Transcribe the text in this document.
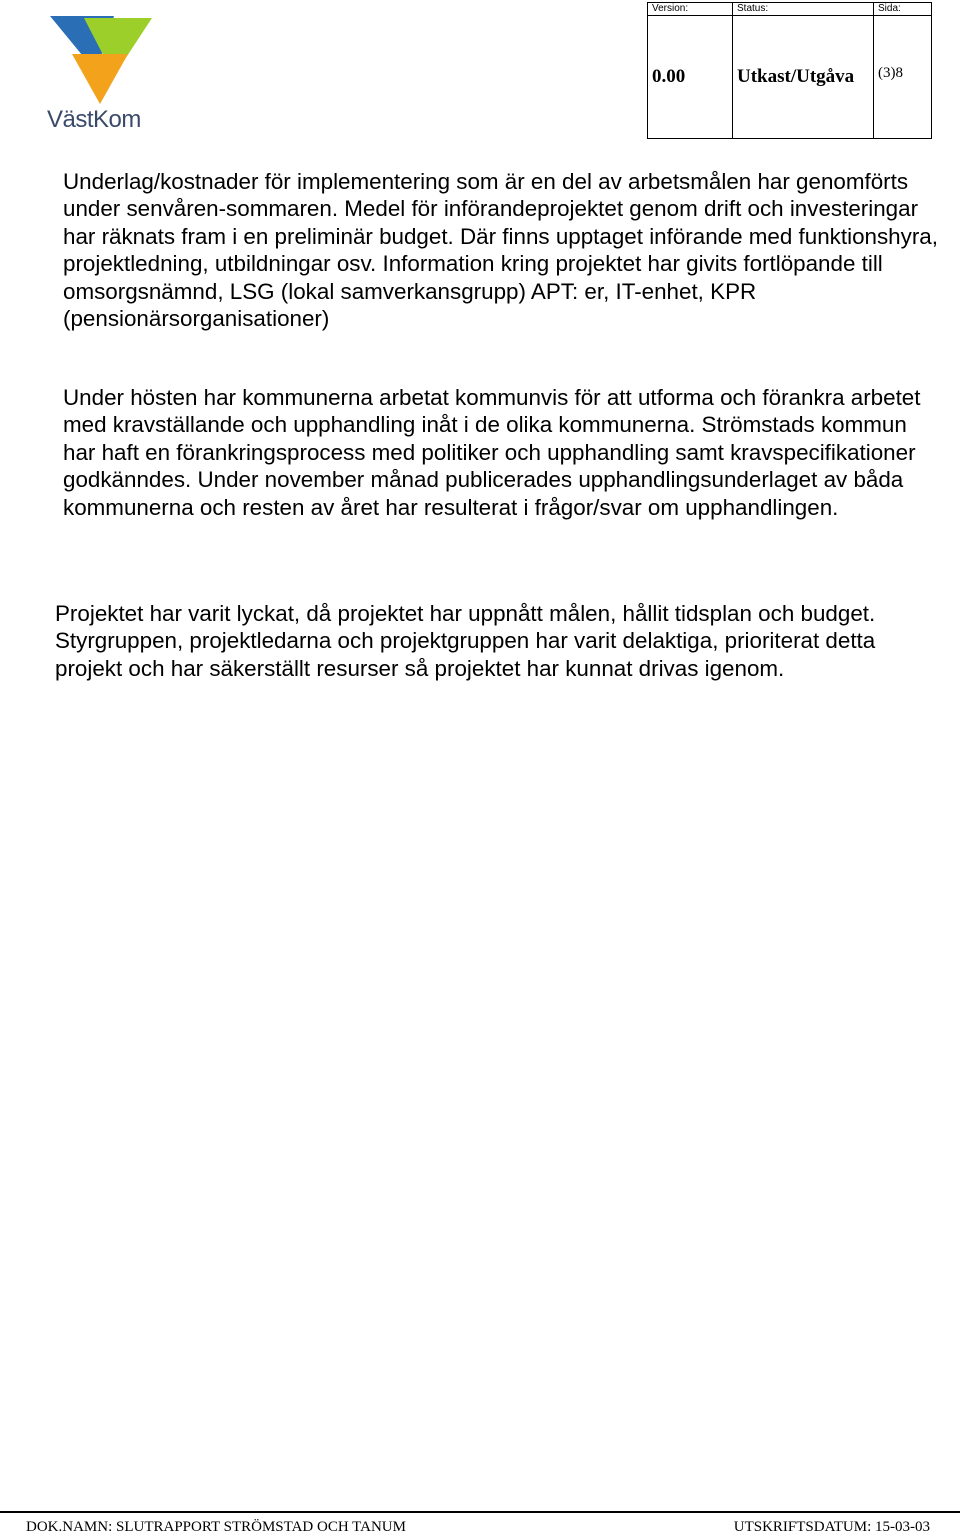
VästKom
Version:	Status:	Sida:
0.00	Utkast/Utgåva	(3)8

Underlag/kostnader för implementering som är en del av arbetsmålen har genomförts under senvåren-sommaren. Medel för införandeprojektet genom drift och investeringar har räknats fram i en preliminär budget. Där finns upptaget införande med funktionshyra, projektledning, utbildningar osv. Information kring projektet har givits fortlöpande till omsorgsnämnd, LSG (lokal samverkansgrupp) APT: er, IT-enhet, KPR (pensionärsorganisationer)

Under hösten har kommunerna arbetat kommunvis för att utforma och förankra arbetet med kravställande och upphandling inåt i de olika kommunerna. Strömstads kommun har haft en förankringsprocess med politiker och upphandling samt kravspecifikationer godkänndes. Under november månad publicerades upphandlingsunderlaget av båda kommunerna och resten av året har resulterat i frågor/svar om upphandlingen.

Projektet har varit lyckat, då projektet har uppnått målen, hållit tidsplan och budget. Styrgruppen, projektledarna och projektgruppen har varit delaktiga, prioriterat detta projekt och har säkerställt resurser så projektet har kunnat drivas igenom.

DOK.NAMN: SLUTRAPPORT STRÖMSTAD OCH TANUM	UTSKRIFTSDATUM: 15-03-03
